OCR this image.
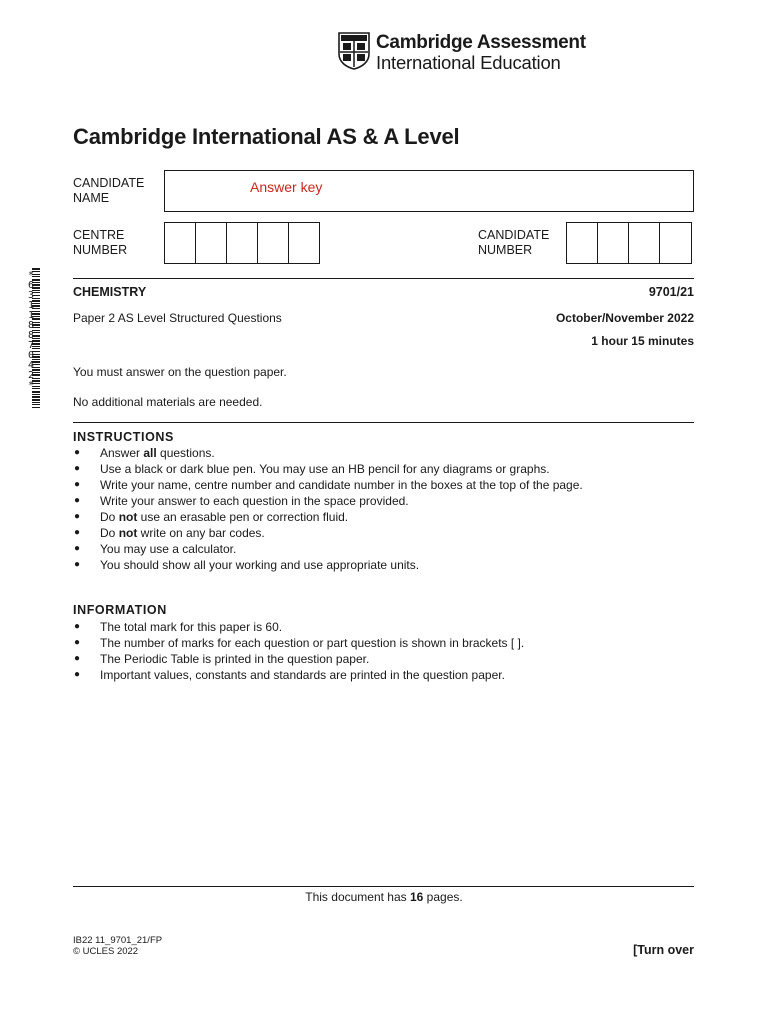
Cambridge Assessment
International Education
Cambridge International AS & A Level
CANDIDATE
NAME
Answer key
CENTRE
NUMBER
CANDIDATE
NUMBER
*
6
3
1
1
8
8
7
0
4
2
*
CHEMISTRY	9701/21
Paper 2 AS Level Structured Questions	October/November 2022
1 hour 15 minutes
You must answer on the question paper.
No additional materials are needed.
INSTRUCTIONS
● Answer all questions.
● Use a black or dark blue pen. You may use an HB pencil for any diagrams or graphs.
● Write your name, centre number and candidate number in the boxes at the top of the page.
● Write your answer to each question in the space provided.
● Do not use an erasable pen or correction fluid.
● Do not write on any bar codes.
● You may use a calculator.
● You should show all your working and use appropriate units.
INFORMATION
● The total mark for this paper is 60.
● The number of marks for each question or part question is shown in brackets [ ].
● The Periodic Table is printed in the question paper.
● Important values, constants and standards are printed in the question paper.
This document has 16 pages.
IB22 11_9701_21/FP
© UCLES 2022	[Turn over
